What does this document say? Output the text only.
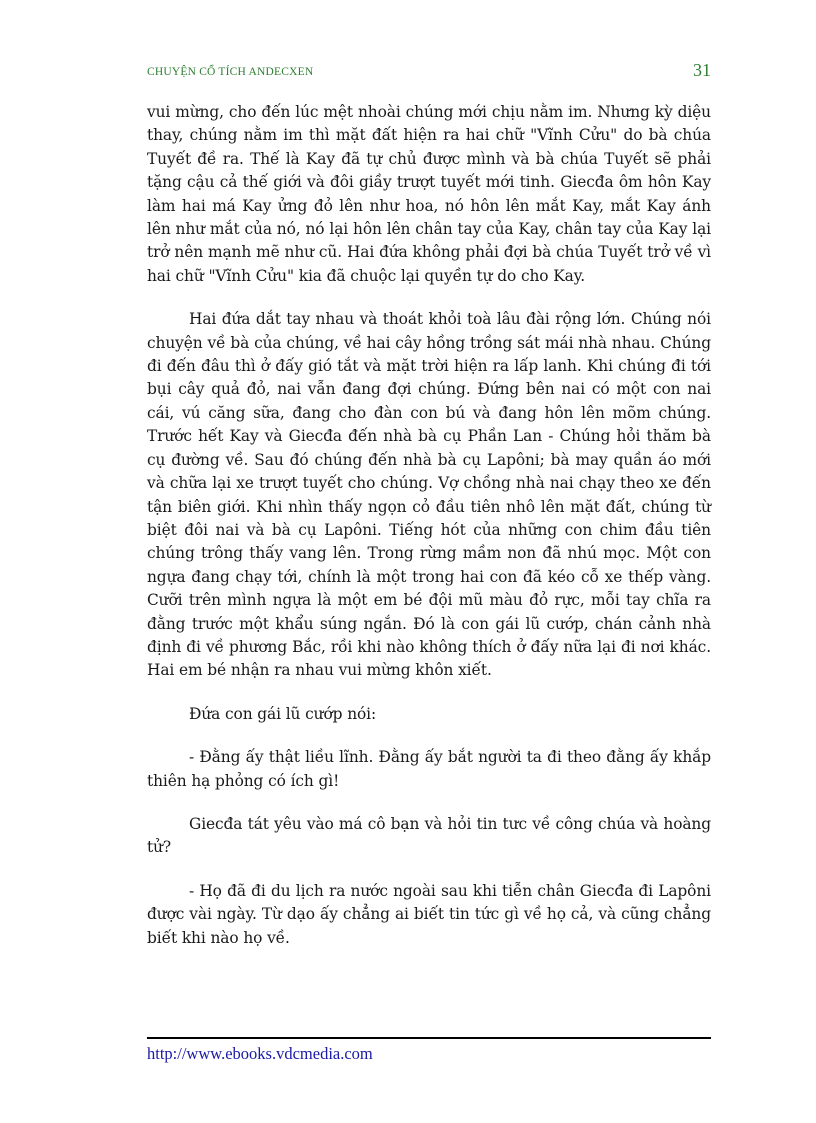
CHUYỆN CỔ TÍCH ANDECXEN	31

vui mừng, cho đến lúc mệt nhoài chúng mới chịu nằm im. Nhưng kỳ diệu thay, chúng nằm im thì mặt đất hiện ra hai chữ "Vĩnh Cửu" do bà chúa Tuyết đề ra. Thế là Kay đã tự chủ được mình và bà chúa Tuyết sẽ phải tặng cậu cả thế giới và đôi giầy trượt tuyết mới tinh. Giecđa ôm hôn Kay làm hai má Kay ửng đỏ lên như hoa, nó hôn lên mắt Kay, mắt Kay ánh lên như mắt của nó, nó lại hôn lên chân tay của Kay, chân tay của Kay lại trở nên mạnh mẽ như cũ. Hai đứa không phải đợi bà chúa Tuyết trở về vì hai chữ "Vĩnh Cửu" kia đã chuộc lại quyền tự do cho Kay.

Hai đứa dắt tay nhau và thoát khỏi toà lâu đài rộng lớn. Chúng nói chuyện về bà của chúng, về hai cây hồng trồng sát mái nhà nhau. Chúng đi đến đâu thì ở đấy gió tắt và mặt trời hiện ra lấp lanh. Khi chúng đi tới bụi cây quả đỏ, nai vẫn đang đợi chúng. Đứng bên nai có một con nai cái, vú căng sữa, đang cho đàn con bú và đang hôn lên mõm chúng. Trước hết Kay và Giecđa đến nhà bà cụ Phần Lan - Chúng hỏi thăm bà cụ đường về. Sau đó chúng đến nhà bà cụ Lapôni; bà may quần áo mới và chữa lại xe trượt tuyết cho chúng. Vợ chồng nhà nai chạy theo xe đến tận biên giới. Khi nhìn thấy ngọn cỏ đầu tiên nhô lên mặt đất, chúng từ biệt đôi nai và bà cụ Lapôni. Tiếng hót của những con chim đầu tiên chúng trông thấy vang lên. Trong rừng mầm non đã nhú mọc. Một con ngựa đang chạy tới, chính là một trong hai con đã kéo cỗ xe thếp vàng. Cưỡi trên mình ngựa là một em bé đội mũ màu đỏ rực, mỗi tay chĩa ra đằng trước một khẩu súng ngắn. Đó là con gái lũ cướp, chán cảnh nhà định đi về phương Bắc, rồi khi nào không thích ở đấy nữa lại đi nơi khác. Hai em bé nhận ra nhau vui mừng khôn xiết.

Đứa con gái lũ cướp nói:

- Đằng ấy thật liều lĩnh. Đằng ấy bắt người ta đi theo đằng ấy khắp thiên hạ phỏng có ích gì!

Giecđa tát yêu vào má cô bạn và hỏi tin tưc về công chúa và hoàng tử?

- Họ đã đi du lịch ra nước ngoài sau khi tiễn chân Giecđa đi Lapôni được vài ngày. Từ dạo ấy chẳng ai biết tin tức gì về họ cả, và cũng chẳng biết khi nào họ về.

http://www.ebooks.vdcmedia.com
